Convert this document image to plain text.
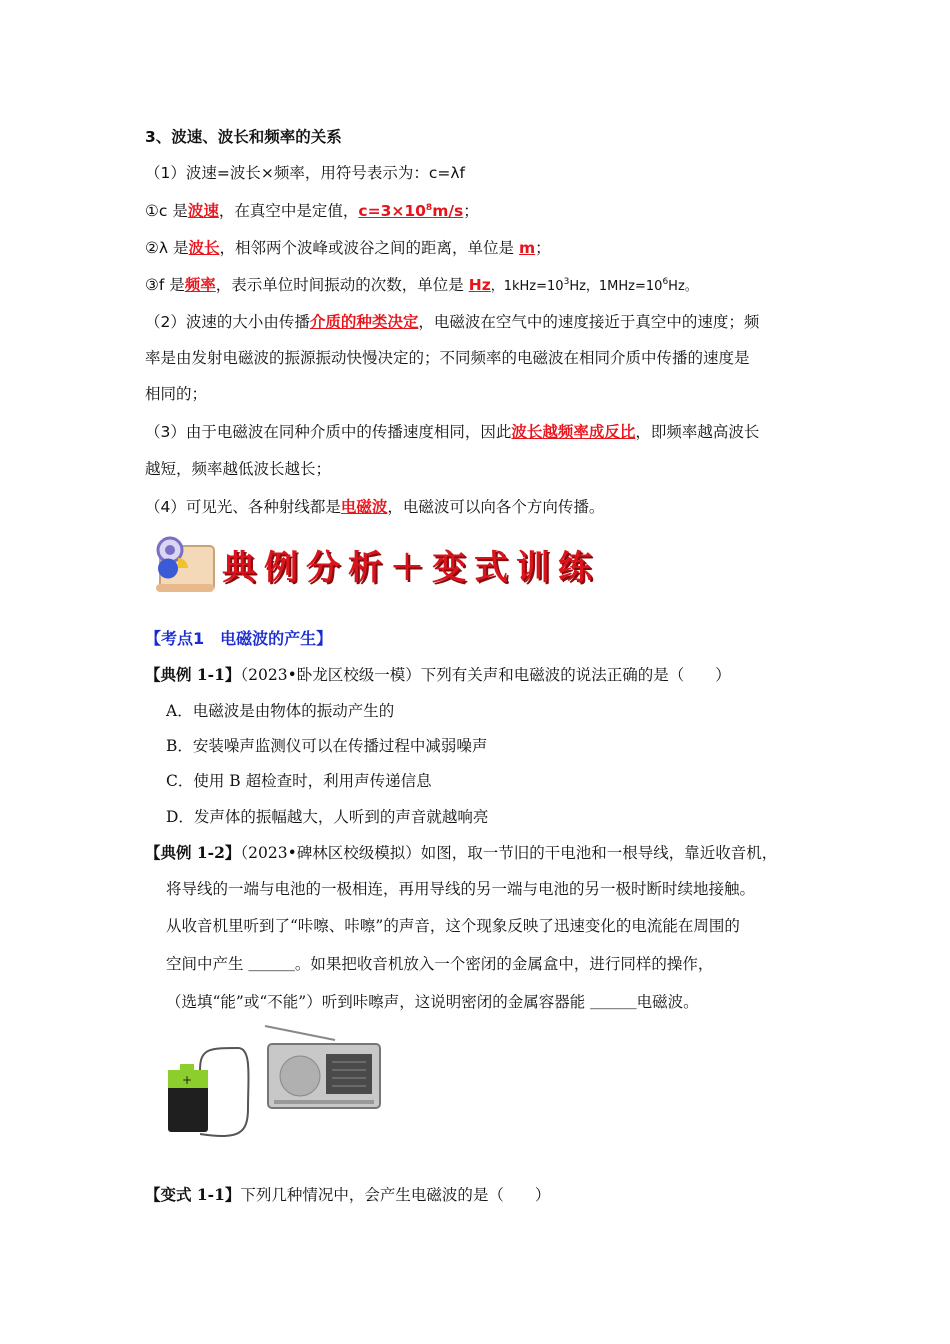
3、波速、波长和频率的关系
（1）波速=波长×频率，用符号表示为：c=λf
①c 是波速，在真空中是定值，$c=3\times 10^8m/s$；
②λ 是波长，相邻两个波峰或波谷之间的距离，单位是 m；
③f 是频率，表示单位时间振动的次数，单位是 Hz，$1kHz=10^3Hz$，$1MHz=10^6Hz$。
（2）波速的大小由传播介质的种类决定，电磁波在空气中的速度接近于真空中的速度；频
率是由发射电磁波的振源振动快慢决定的；不同频率的电磁波在相同介质中传播的速度是
相同的；
（3）由于电磁波在同种介质中的传播速度相同，因此波长越频率成反比，即频率越高波长
越短，频率越低波长越长；
（4）可见光、各种射线都是电磁波，电磁波可以向各个方向传播。
典例分析＋变式训练
【考点1　电磁波的产生】
【典例 1-1】（2023•卧龙区校级一模）下列有关声和电磁波的说法正确的是（　　）
A．电磁波是由物体的振动产生的
B．安装噪声监测仪可以在传播过程中减弱噪声
C．使用 B 超检查时，利用声传递信息
D．发声体的振幅越大，人听到的声音就越响亮
【典例 1-2】（2023•碑林区校级模拟）如图，取一节旧的干电池和一根导线，靠近收音机，
将导线的一端与电池的一极相连，再用导线的另一端与电池的另一极时断时续地接触。
从收音机里听到了“咔嚓、咔嚓”的声音，这个现象反映了迅速变化的电流能在周围的
空间中产生 ＿＿＿。如果把收音机放入一个密闭的金属盒中，进行同样的操作，
（选填“能”或“不能”）听到咔嚓声，这说明密闭的金属容器能 ＿＿＿电磁波。
+
【变式 1-1】下列几种情况中，会产生电磁波的是（　　）
